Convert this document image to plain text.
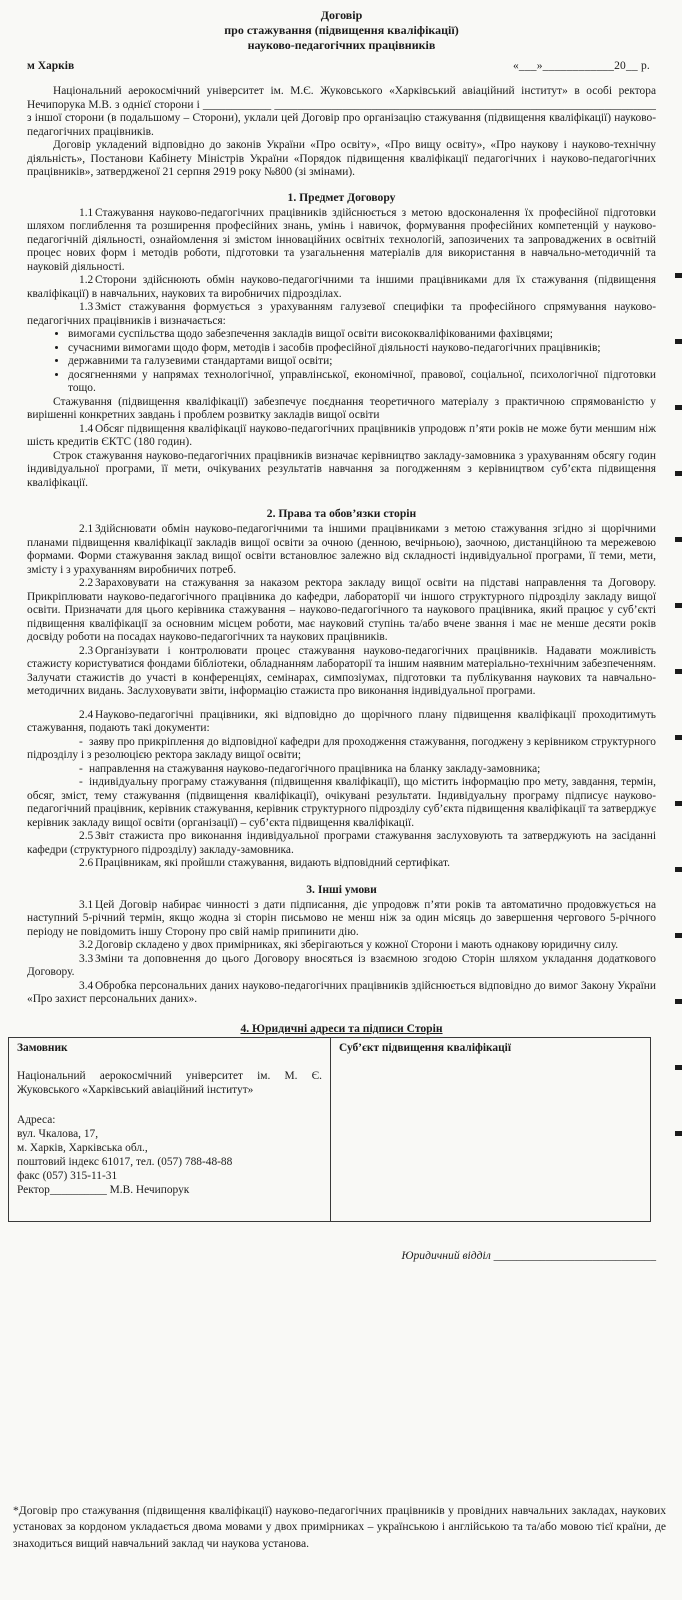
Договір
про стажування (підвищення кваліфікації)
науково-педагогічних працівників
м Харків	«___»____________20__ р.

Національний аерокосмічний університет ім. М.Є. Жуковського «Харківський авіаційний інститут» в особі ректора Нечипорука М.В. з однієї сторони і ____________ ___________________________________________________________________ з іншої сторони (в подальшому – Сторони), уклали цей Договір про організацію стажування (підвищення кваліфікації) науково-педагогічних працівників.

Договір укладений відповідно до законів України «Про освіту», «Про вищу освіту», «Про наукову і науково-технічну діяльність», Постанови Кабінету Міністрів України «Порядок підвищення кваліфікації педагогічних і науково-педагогічних працівників», затвердженої 21 серпня 2919 року №800 (зі змінами).

1. Предмет Договору

1.1 Стажування науково-педагогічних працівників здійснюється з метою вдосконалення їх професійної підготовки шляхом поглиблення та розширення професійних знань, умінь і навичок, формування професійних компетенцій у науково-педагогічній діяльності, ознайомлення зі змістом інноваційних освітніх технологій, запозичених та запроваджених в освітній процес нових форм і методів роботи, підготовки та узагальнення матеріалів для використання в навчально-методичній та науковій діяльності.

1.2 Сторони здійснюють обмін науково-педагогічними та іншими працівниками для їх стажування (підвищення кваліфікації) в навчальних, наукових та виробничих підрозділах.

1.3 Зміст стажування формується з урахуванням галузевої специфіки та професійного спрямування науково-педагогічних працівників і визначається:

• вимогами суспільства щодо забезпечення закладів вищої освіти висококваліфікованими фахівцями;
• сучасними вимогами щодо форм, методів і засобів професійної діяльності науково-педагогічних працівників;
• державними та галузевими стандартами вищої освіти;
• досягненнями у напрямах технологічної, управлінської, економічної, правової, соціальної, психологічної підготовки тощо.

Стажування (підвищення кваліфікації) забезпечує поєднання теоретичного матеріалу з практичною спрямованістю у вирішенні конкретних завдань і проблем розвитку закладів вищої освіти

1.4 Обсяг підвищення кваліфікації науково-педагогічних працівників упродовж п’яти років не може бути меншим ніж шість кредитів ЄКТС (180 годин).

Строк стажування науково-педагогічних працівників визначає керівництво закладу-замовника з урахуванням обсягу годин індивідуальної програми, її мети, очікуваних результатів навчання за погодженням з керівництвом суб’єкта підвищення кваліфікації.

2. Права та обов’язки сторін

2.1 Здійснювати обмін науково-педагогічними та іншими працівниками з метою стажування згідно зі щорічними планами підвищення кваліфікації закладів вищої освіти за очною (денною, вечірньою), заочною, дистанційною та мережевою формами. Форми стажування заклад вищої освіти встановлює залежно від складності індивідуальної програми, її теми, мети, змісту і з урахуванням виробничих потреб.

2.2 Зараховувати на стажування за наказом ректора закладу вищої освіти на підставі направлення та Договору. Прикріплювати науково-педагогічного працівника до кафедри, лабораторії чи іншого структурного підрозділу закладу вищої освіти. Призначати для цього керівника стажування – науково-педагогічного та наукового працівника, який працює у суб’єкті підвищення кваліфікації за основним місцем роботи, має науковий ступінь та/або вчене звання і має не менше десяти років досвіду роботи на посадах науково-педагогічних та наукових працівників.

2.3 Організувати і контролювати процес стажування науково-педагогічних працівників. Надавати можливість стажисту користуватися фондами бібліотеки, обладнанням лабораторії та іншим наявним матеріально-технічним забезпеченням. Залучати стажистів до участі в конференціях, семінарах, симпозіумах, підготовки та публікування наукових та навчально-методичних видань. Заслуховувати звіти, інформацію стажиста про виконання індивідуальної програми.

2.4 Науково-педагогічні працівники, які відповідно до щорічного плану підвищення кваліфікації проходитимуть стажування, подають такі документи:

- заяву про прикріплення до відповідної кафедри для проходження стажування, погоджену з керівником структурного підрозділу і з резолюцією ректора закладу вищої освіти;

- направлення на стажування науково-педагогічного працівника на бланку закладу-замовника;

- індивідуальну програму стажування (підвищення кваліфікації), що містить інформацію про мету, завдання, термін, обсяг, зміст, тему стажування (підвищення кваліфікації), очікувані результати. Індивідуальну програму підписує науково-педагогічний працівник, керівник стажування, керівник структурного підрозділу суб’єкта підвищення кваліфікації та затверджує керівник закладу вищої освіти (організації) – суб’єкта підвищення кваліфікації.

2.5 Звіт стажиста про виконання індивідуальної програми стажування заслуховують та затверджують на засіданні кафедри (структурного підрозділу) закладу-замовника.

2.6 Працівникам, які пройшли стажування, видають відповідний сертифікат.

3. Інші умови

3.1 Цей Договір набирає чинності з дати підписання, діє упродовж п’яти років та автоматично продовжується на наступний 5-річний термін, якщо жодна зі сторін письмово не менш ніж за один місяць до завершення чергового 5-річного періоду не повідомить іншу Сторону про свій намір припинити дію.

3.2 Договір складено у двох примірниках, які зберігаються у кожної Сторони і мають однакову юридичну силу.

3.3 Зміни та доповнення до цього Договору вносяться із взаємною згодою Сторін шляхом укладання додаткового Договору.

3.4 Обробка персональних даних науково-педагогічних працівників здійснюється відповідно до вимог Закону України «Про захист персональних даних».

4. Юридичні адреси та підписи Сторін

Замовник

Національний аерокосмічний університет ім. М. Є. Жуковського «Харківський авіаційний інститут»

Адреса:

вул. Чкалова, 17,

м. Харків, Харківська обл.,

поштовий індекс 61017, тел. (057) 788-48-88

факс (057) 315-11-31

Ректор__________ М.В. Нечипорук

Суб’єкт підвищення кваліфікації

Юридичний відділ ____________________________

*Договір про стажування (підвищення кваліфікації) науково-педагогічних працівників у провідних навчальних закладах, наукових установах за кордоном укладається двома мовами у двох примірниках – українською і англійською та та/або мовою тієї країни, де знаходиться вищий навчальний заклад чи наукова установа.
